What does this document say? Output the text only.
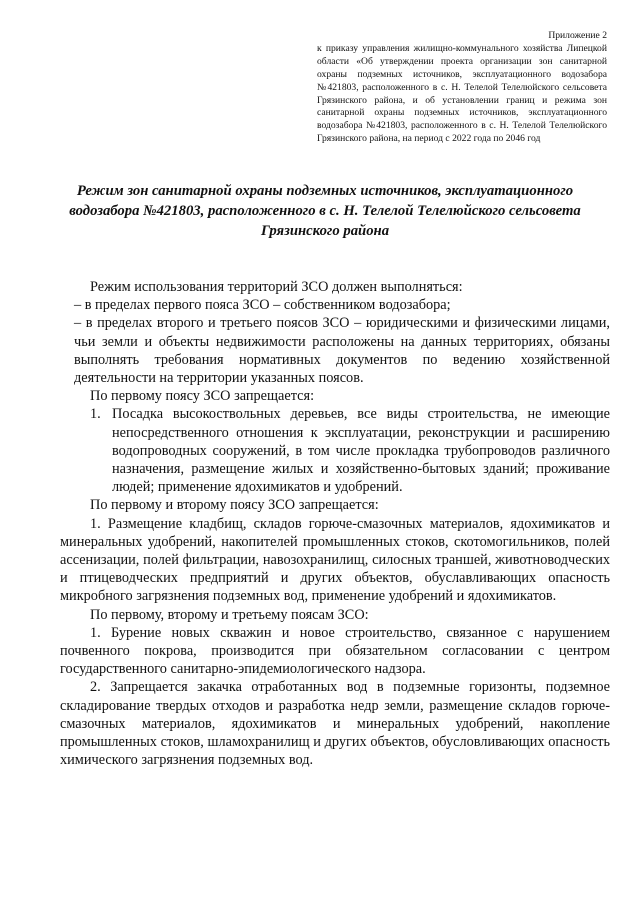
Приложение 2
к приказу управления жилищно-коммунального хозяйства Липецкой области «Об утверждении проекта организации зон санитарной охраны подземных источников, эксплуатационного водозабора №421803, расположенного в с. Н. Телелой Телелюйского сельсовета Грязинского района, и об установлении границ и режима зон санитарной охраны подземных источников, эксплуатационного водозабора №421803, расположенного в с. Н. Телелой Телелюйского Грязинского района, на период с 2022 года по 2046 год
Режим зон санитарной охраны подземных источников, эксплуатационного водозабора №421803, расположенного в с. Н. Телелой Телелюйского сельсовета Грязинского района

Режим использования территорий ЗСО должен выполняться:

– в пределах первого пояса ЗСО – собственником водозабора;

– в пределах второго и третьего поясов ЗСО – юридическими и физическими лицами, чьи земли и объекты недвижимости расположены на данных территориях, обязаны выполнять требования нормативных документов по ведению хозяйственной деятельности на территории указанных поясов.

По первому поясу ЗСО запрещается:

1. Посадка высокоствольных деревьев, все виды строительства, не имеющие непосредственного отношения к эксплуатации, реконструкции и расширению водопроводных сооружений, в том числе прокладка трубопроводов различного назначения, размещение жилых и хозяйственно-бытовых зданий; проживание людей; применение ядохимикатов и удобрений.

По первому и второму поясу ЗСО запрещается:

1. Размещение кладбищ, складов горюче-смазочных материалов, ядохимикатов и минеральных удобрений, накопителей промышленных стоков, скотомогильников, полей ассенизации, полей фильтрации, навозохранилищ, силосных траншей, животноводческих и птицеводческих предприятий и других объектов, обуславливающих опасность микробного загрязнения подземных вод, применение удобрений и ядохимикатов.

По первому, второму и третьему поясам ЗСО:

1. Бурение новых скважин и новое строительство, связанное с нарушением почвенного покрова, производится при обязательном согласовании с центром государственного санитарно-эпидемиологического надзора.

2. Запрещается закачка отработанных вод в подземные горизонты, подземное складирование твердых отходов и разработка недр земли, размещение складов горюче-смазочных материалов, ядохимикатов и минеральных удобрений, накопление промышленных стоков, шламохранилищ и других объектов, обусловливающих опасность химического загрязнения подземных вод.
